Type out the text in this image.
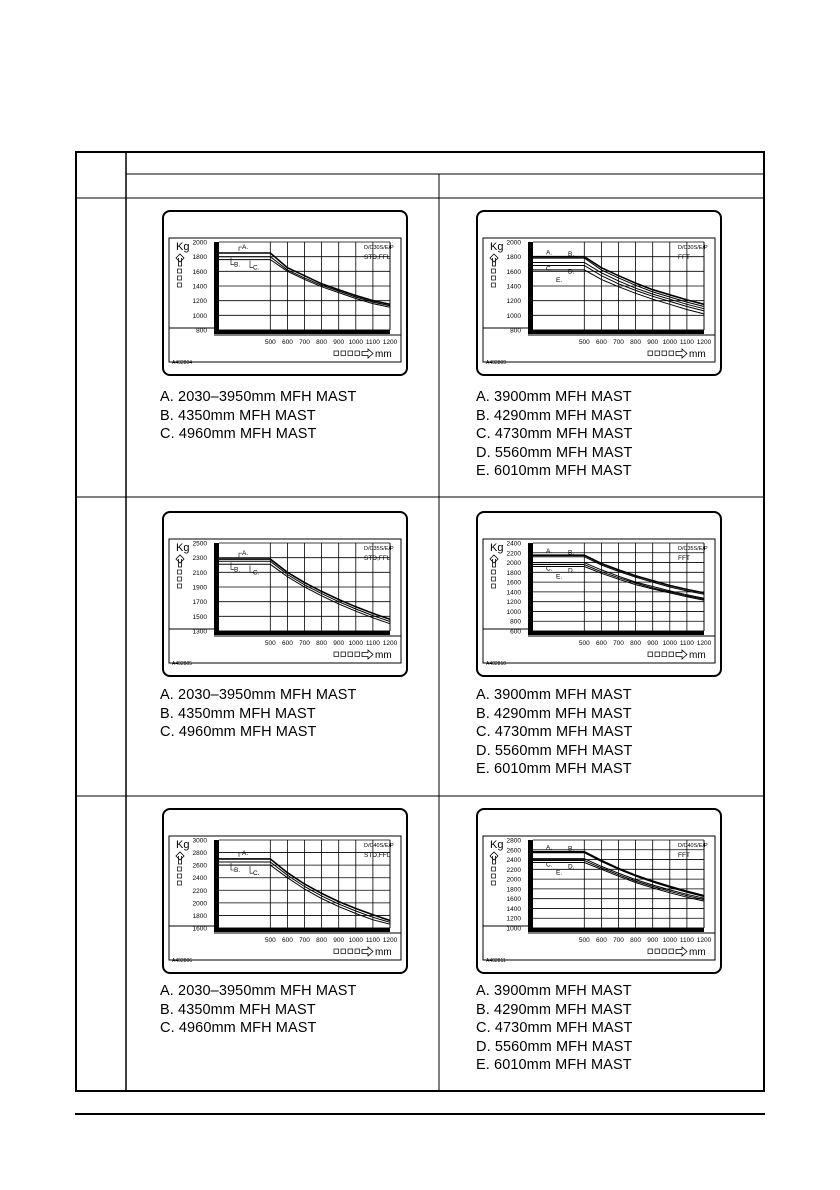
500 600 700 800 900 1000 1100 1200
2000
1800
1600
1400
1200
1000
800
Kg
mm
A402804
D/C30S/E/P
STD,FFL
A.
B. C.
A. 2030–3950mm MFH MAST
B. 4350mm MFH MAST
C. 4960mm MFH MAST
500 600 700 800 900 1000 1100 1200
2000
1800
1600
1400
1200
1000
800
Kg
mm
A402809
D/C30S/E/P
FFT
A. B.
C. D.
E.
A. 3900mm MFH MAST
B. 4290mm MFH MAST
C. 4730mm MFH MAST
D. 5560mm MFH MAST
E. 6010mm MFH MAST
500 600 700 800 900 1000 1100 1200
2500
2300
2100
1900
1700
1500
1300
Kg
mm
A402805
D/C35S/E/P
STD,FFL
A.
B. C.
A. 2030–3950mm MFH MAST
B. 4350mm MFH MAST
C. 4960mm MFH MAST
500 600 700 800 900 1000 1100 1200
2400
2200
2000
1800
1600
1400
1200
1000
800
600
Kg
mm
A402810
D/C35S/E/P
FFT
A. B.
C. D.
E.
A. 3900mm MFH MAST
B. 4290mm MFH MAST
C. 4730mm MFH MAST
D. 5560mm MFH MAST
E. 6010mm MFH MAST
500 600 700 800 900 1000 1100 1200
3000
2800
2600
2400
2200
2000
1800
1600
Kg
mm
A402806
D/C40S/E/P
STD,FFL
A.
B. C.
A. 2030–3950mm MFH MAST
B. 4350mm MFH MAST
C. 4960mm MFH MAST
500 600 700 800 900 1000 1100 1200
2800
2600
2400
2200
2000
1800
1600
1400
1200
1000
Kg
mm
A402811
D/C40S/E/P
FFT
A. B.
C. D.
E.
A. 3900mm MFH MAST
B. 4290mm MFH MAST
C. 4730mm MFH MAST
D. 5560mm MFH MAST
E. 6010mm MFH MAST
